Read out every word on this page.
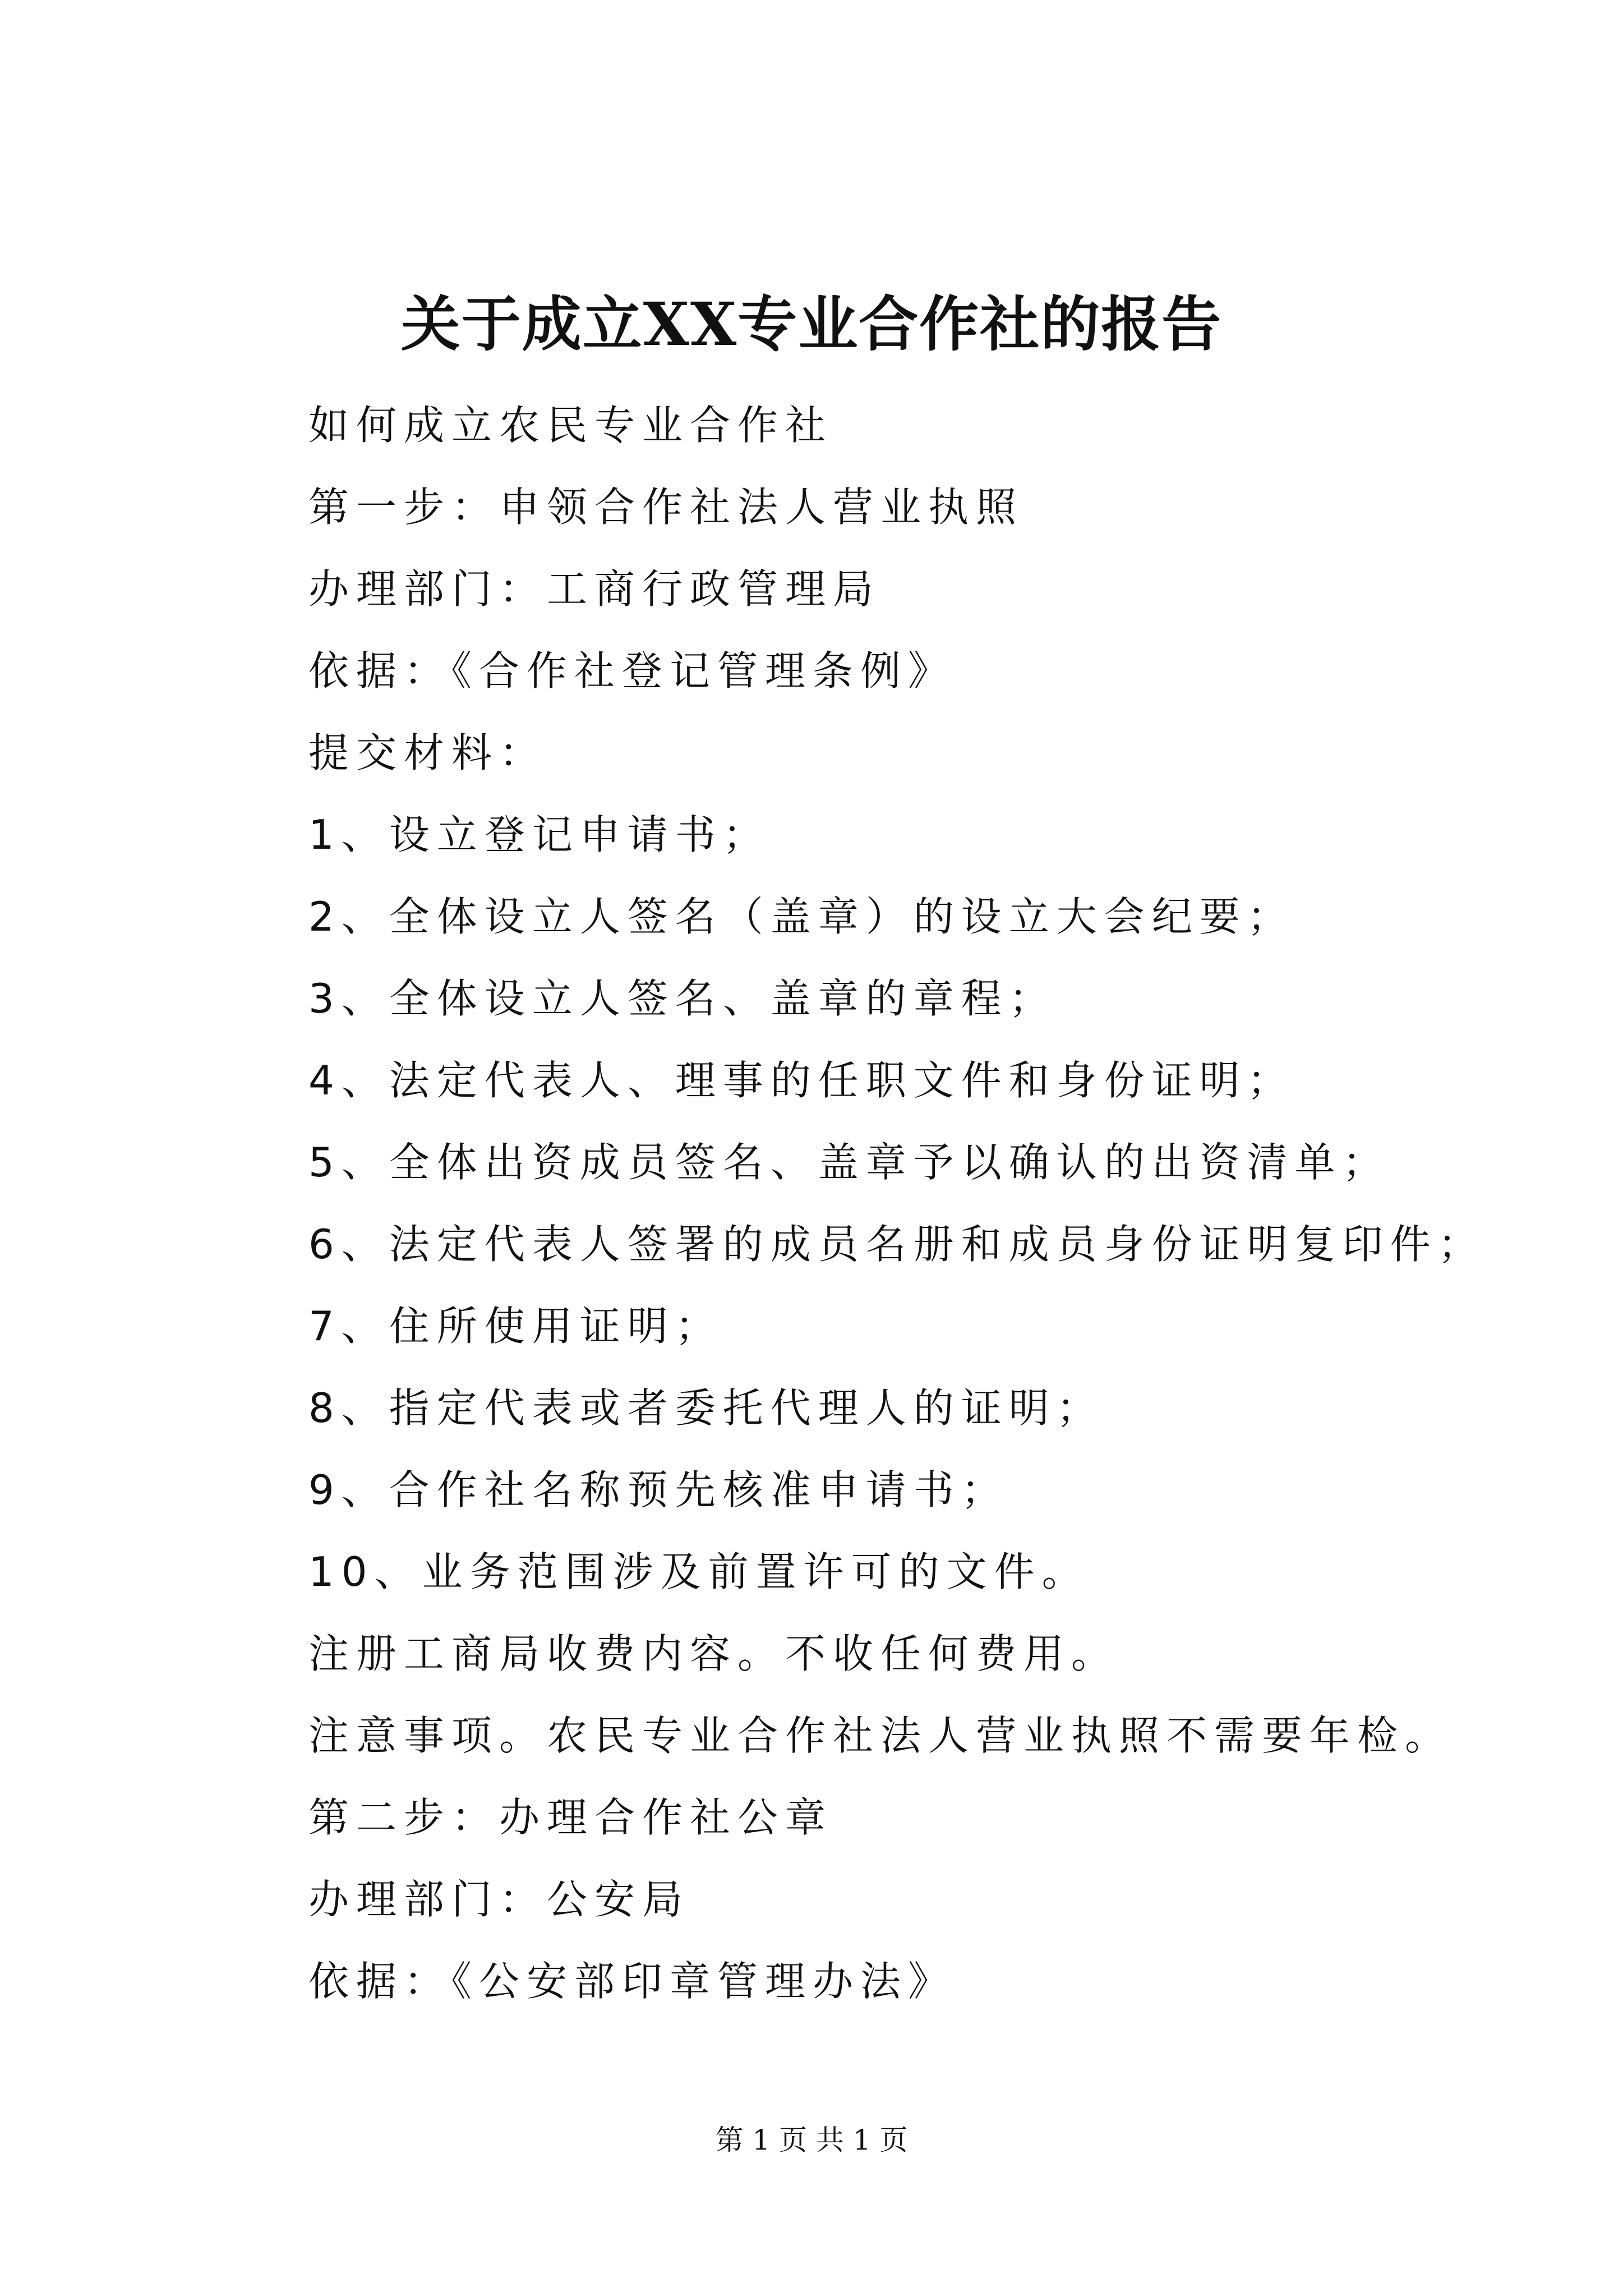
关于成立XX专业合作社的报告
如何成立农民专业合作社
第一步：申领合作社法人营业执照
办理部门：工商行政管理局
依据：《合作社登记管理条例》
提交材料：
1、设立登记申请书；
2、全体设立人签名（盖章）的设立大会纪要；
3、全体设立人签名、盖章的章程；
4、法定代表人、理事的任职文件和身份证明；
5、全体出资成员签名、盖章予以确认的出资清单；
6、法定代表人签署的成员名册和成员身份证明复印件；
7、住所使用证明；
8、指定代表或者委托代理人的证明；
9、合作社名称预先核准申请书；
10、业务范围涉及前置许可的文件。
注册工商局收费内容。不收任何费用。
注意事项。农民专业合作社法人营业执照不需要年检。
第二步：办理合作社公章
办理部门：公安局
依据：《公安部印章管理办法》
第 1 页 共 1 页
